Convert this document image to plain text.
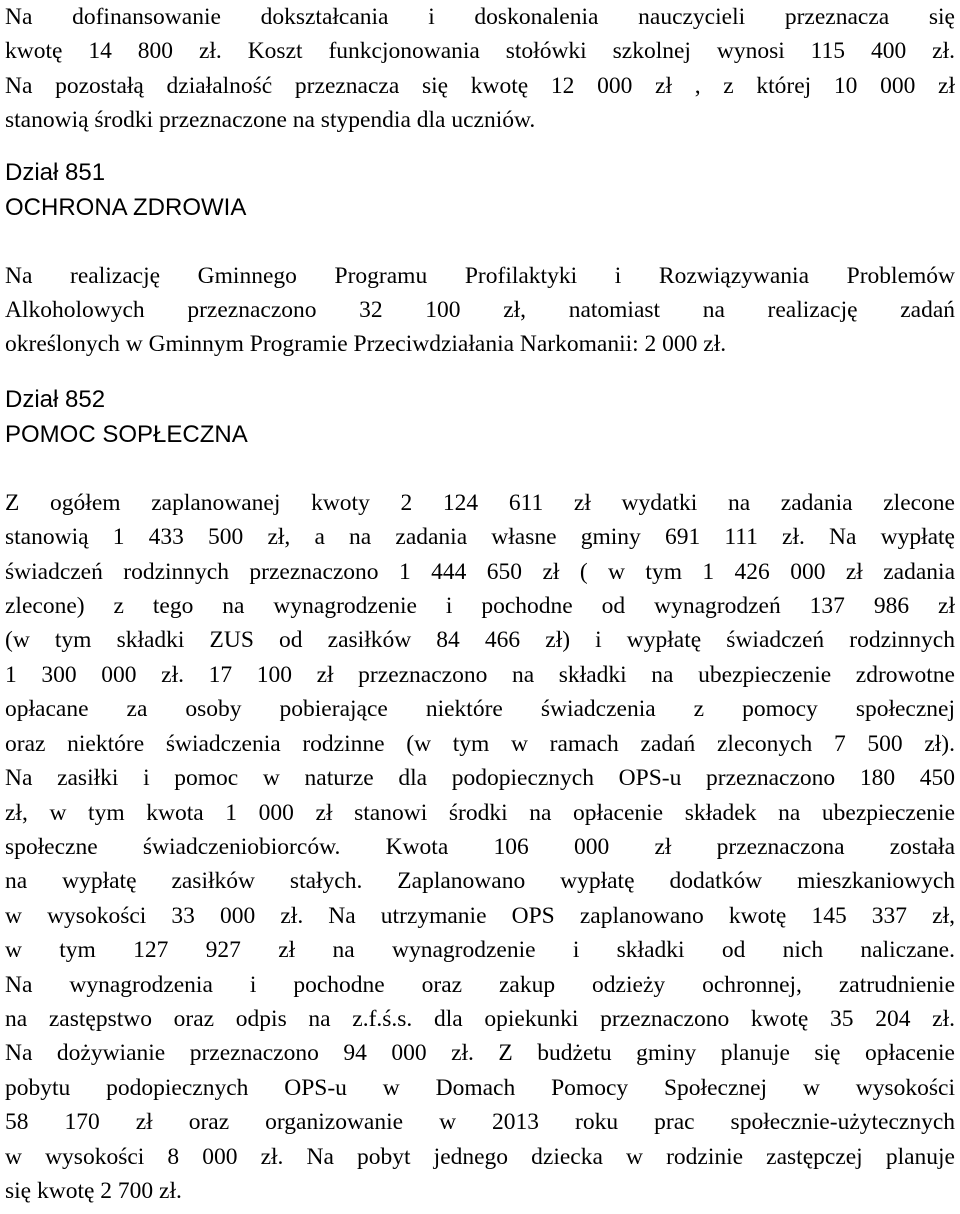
Na dofinansowanie dokształcania i doskonalenia nauczycieli przeznacza się
kwotę 14 800 zł. Koszt funkcjonowania stołówki szkolnej wynosi 115 400 zł.
Na pozostałą działalność przeznacza się kwotę 12 000 zł , z której 10 000 zł
stanowią środki przeznaczone na stypendia dla uczniów.

Dział 851
OCHRONA ZDROWIA

Na realizację Gminnego Programu Profilaktyki i Rozwiązywania Problemów
Alkoholowych przeznaczono 32 100 zł, natomiast na realizację zadań
określonych w Gminnym Programie Przeciwdziałania Narkomanii: 2 000 zł.

Dział 852
POMOC SOPŁECZNA

Z ogółem zaplanowanej kwoty 2 124 611 zł wydatki na zadania zlecone
stanowią 1 433 500 zł, a na zadania własne gminy 691 111 zł. Na wypłatę
świadczeń rodzinnych przeznaczono 1 444 650 zł ( w tym 1 426 000 zł zadania
zlecone) z tego na wynagrodzenie i pochodne od wynagrodzeń 137 986 zł
(w tym składki ZUS od zasiłków 84 466 zł) i wypłatę świadczeń rodzinnych
1 300 000 zł. 17 100 zł przeznaczono na składki na ubezpieczenie zdrowotne
opłacane za osoby pobierające niektóre świadczenia z pomocy społecznej
oraz niektóre świadczenia rodzinne (w tym w ramach zadań zleconych 7 500 zł).
Na zasiłki i pomoc w naturze dla podopiecznych OPS-u przeznaczono 180 450
zł, w tym kwota 1 000 zł stanowi środki na opłacenie składek na ubezpieczenie
społeczne świadczeniobiorców. Kwota 106 000 zł przeznaczona została
na wypłatę zasiłków stałych. Zaplanowano wypłatę dodatków mieszkaniowych
w wysokości 33 000 zł. Na utrzymanie OPS zaplanowano kwotę 145 337 zł,
w tym 127 927 zł na wynagrodzenie i składki od nich naliczane.
Na wynagrodzenia i pochodne oraz zakup odzieży ochronnej, zatrudnienie
na zastępstwo oraz odpis na z.f.ś.s. dla opiekunki przeznaczono kwotę 35 204 zł.
Na dożywianie przeznaczono 94 000 zł. Z budżetu gminy planuje się opłacenie
pobytu podopiecznych OPS-u w Domach Pomocy Społecznej w wysokości
58 170 zł oraz organizowanie w 2013 roku prac społecznie-użytecznych
w wysokości 8 000 zł. Na pobyt jednego dziecka w rodzinie zastępczej planuje
się kwotę 2 700 zł.
